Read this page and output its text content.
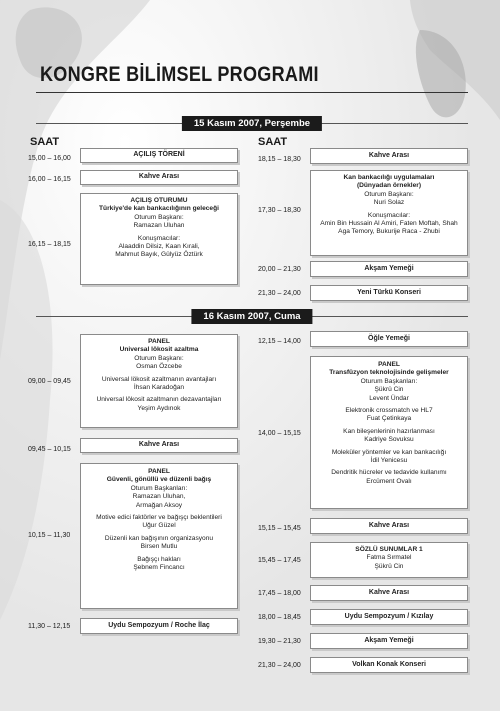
KONGRE BİLİMSEL PROGRAMI
15 Kasım 2007, Perşembe
SAAT	SAAT
15,00 – 16,00
AÇILIŞ TÖRENİ
16,00 – 16,15	Kahve Arası
16,15 – 18,15
AÇILIŞ OTURUMU
Türkiye'de kan bankacılığının geleceği
Oturum Başkanı:
Ramazan Uluhan
Konuşmacılar:
Alaaddin Dilsiz, Kaan Kırali,
Mahmut Bayık, Gülyüz Öztürk
18,15 – 18,30
Kahve Arası
17,30 – 18,30
Kan bankacılığı uygulamaları
(Dünyadan örnekler)
Oturum Başkanı:
Nuri Solaz
Konuşmacılar:
Amin Bin Hussain Al Amiri, Faten Moftah, Shah
Aga Temory, Bukurije Raca - Zhubi
20,00 – 21,30	Akşam Yemeği
21,30 – 24,00	Yeni Türkü Konseri
16 Kasım 2007, Cuma
09,00 – 09,45
PANEL
Universal lökosit azaltma
Oturum Başkanı:
Osman Özcebe
Universal lökosit azaltmanın avantajları
İhsan Karadoğan
Universal lökosit azaltmanın dezavantajları
Yeşim Aydınok
09,45 – 10,15
Kahve Arası
10,15 – 11,30
PANEL
Güvenli, gönüllü ve düzenli bağış
Oturum Başkanları:
Ramazan Uluhan,
Armağan Aksoy
Motive edici faktörler ve bağışçı beklentileri
Uğur Güzel
Düzenli kan bağışının organizasyonu
Birsen Mutlu
Bağışçı hakları
Şebnem Fincancı
11,30 – 12,15	Uydu Sempozyum / Roche İlaç
12,15 – 14,00	Öğle Yemeği
14,00 – 15,15
PANEL
Transfüzyon teknolojisinde gelişmeler
Oturum Başkanları:
Şükrü Cin
Levent Ündar
Elektronik crossmatch ve HL7
Fuat Çetinkaya
Kan bileşenlerinin hazırlanması
Kadriye Sovuksu
Moleküler yöntemler ve kan bankacılığı
İdil Yenicesu
Dendritik hücreler ve tedavide kullanımı
Ercüment Ovalı
15,15 – 15,45	Kahve Arası
15,45 – 17,45
SÖZLÜ SUNUMLAR 1
Fatma Sırmatel
Şükrü Cin
17,45 – 18,00	Kahve Arası
18,00 – 18,45	Uydu Sempozyum / Kızılay
19,30 – 21,30	Akşam Yemeği
21,30 – 24,00	Volkan Konak Konseri
